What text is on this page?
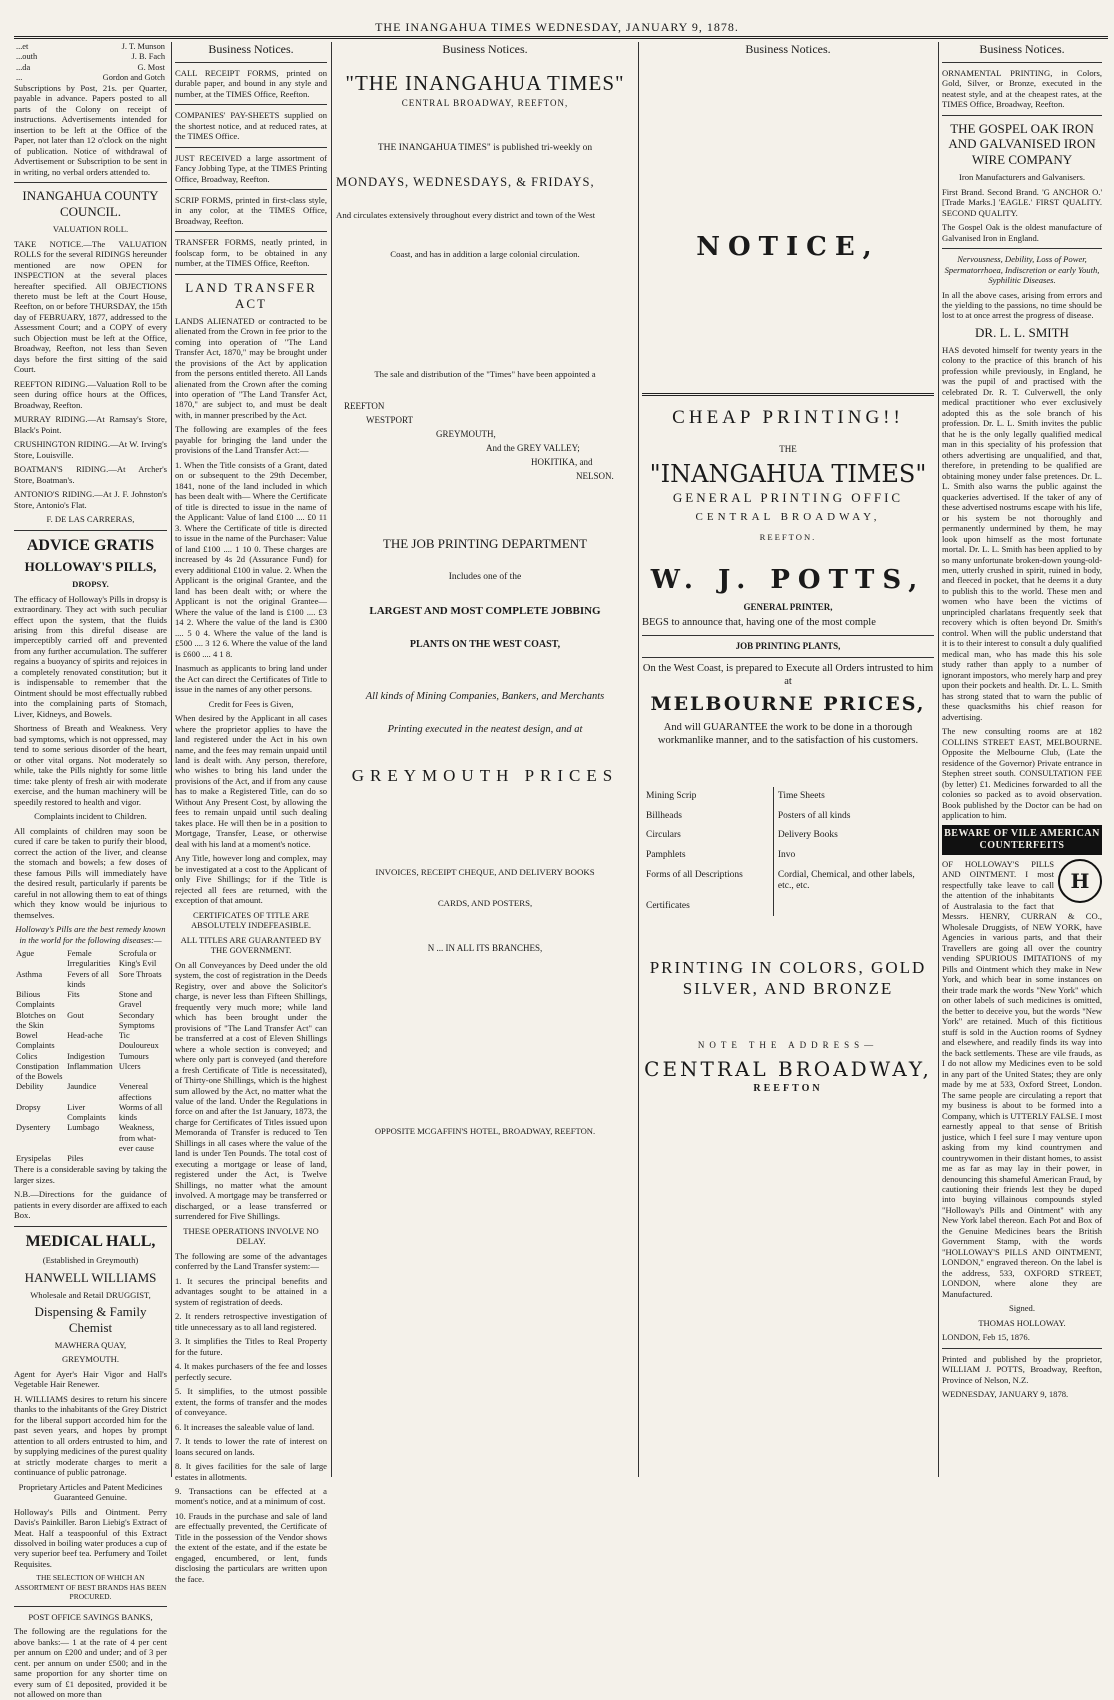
THE INANGAHUA TIMES WEDNESDAY, JANUARY 9, 1878.
...et	J. T. Munson
...outh	J. B. Fach
...da	G. Most
...	Gordon and Gotch

Subscriptions by Post, 21s. per Quarter, payable in advance. Papers posted to all parts of the Colony on receipt of instructions. Advertisements intended for insertion to be left at the Office of the Paper, not later than 12 o'clock on the night of publication. Notice of withdrawal of Advertisement or Subscription to be sent in in writing, no verbal orders attended to.

INANGAHUA COUNTY COUNCIL.

VALUATION ROLL.

TAKE NOTICE.—The VALUATION ROLLS for the several RIDINGS hereunder mentioned are now OPEN for INSPECTION at the several places hereafter specified. All OBJECTIONS thereto must be left at the Court House, Reefton, on or before THURSDAY, the 15th day of FEBRUARY, 1877, addressed to the Assessment Court; and a COPY of every such Objection must be left at the Office, Broadway, Reefton, not less than Seven days before the first sitting of the said Court.

REEFTON RIDING.—Valuation Roll to be seen during office hours at the Offices, Broadway, Reefton.

MURRAY RIDING.—At Ramsay's Store, Black's Point.

CRUSHINGTON RIDING.—At W. Irving's Store, Louisville.

BOATMAN'S RIDING.—At Archer's Store, Boatman's.

ANTONIO'S RIDING.—At J. F. Johnston's Store, Antonio's Flat.

F. DE LAS CARRERAS,

ADVICE GRATIS

HOLLOWAY'S PILLS,

DROPSY.

The efficacy of Holloway's Pills in dropsy is extraordinary. They act with such peculiar effect upon the system, that the fluids arising from this direful disease are imperceptibly carried off and prevented from any further accumulation. The sufferer regains a buoyancy of spirits and rejoices in a completely renovated constitution; but it is indispensable to remember that the Ointment should be most effectually rubbed into the complaining parts of Stomach, Liver, Kidneys, and Bowels.

Shortness of Breath and Weakness. Very bad symptoms, which is not oppressed, may tend to some serious disorder of the heart, or other vital organs. Not moderately so while, take the Pills nightly for some little time: take plenty of fresh air with moderate exercise, and the human machinery will be speedily restored to health and vigor.

Complaints incident to Children.

All complaints of children may soon be cured if care be taken to purify their blood, correct the action of the liver, and cleanse the stomach and bowels; a few doses of these famous Pills will immediately have the desired result, particularly if parents be careful in not allowing them to eat of things which they know would be injurious to themselves.

Holloway's Pills are the best remedy known in the world for the following diseases:—

Ague	Female Irregularities	Scrofula or King's Evil
Asthma	Fevers of all kinds	Sore Throats
Bilious Complaints	Fits	Stone and Gravel
Blotches on the Skin	Gout	Secondary Symptoms
Bowel Complaints	Head-ache	Tic Douloureux
Colics	Indigestion	Tumours
Constipation of the Bowels	Inflammation	Ulcers
Debility	Jaundice	Venereal affections
Dropsy	Liver Complaints	Worms of all kinds
Dysentery	Lumbago	Weakness, from what-ever cause
Erysipelas	Piles	

There is a considerable saving by taking the larger sizes.

N.B.—Directions for the guidance of patients in every disorder are affixed to each Box.

MEDICAL HALL,

(Established in Greymouth)

HANWELL WILLIAMS

Wholesale and Retail DRUGGIST,

Dispensing & Family Chemist

MAWHERA QUAY,

GREYMOUTH.

Agent for Ayer's Hair Vigor and Hall's Vegetable Hair Renewer.

H. WILLIAMS desires to return his sincere thanks to the inhabitants of the Grey District for the liberal support accorded him for the past seven years, and hopes by prompt attention to all orders entrusted to him, and by supplying medicines of the purest quality at strictly moderate charges to merit a continuance of public patronage.

Proprietary Articles and Patent Medicines Guaranteed Genuine.

Holloway's Pills and Ointment. Perry Davis's Painkiller. Baron Liebig's Extract of Meat. Half a teaspoonful of this Extract dissolved in boiling water produces a cup of very superior beef tea. Perfumery and Toilet Requisites.

THE SELECTION OF WHICH AN ASSORTMENT OF BEST BRANDS HAS BEEN PROCURED.

POST OFFICE SAVINGS BANKS,

The following are the regulations for the above banks:— 1 at the rate of 4 per cent per annum on £200 and under; and of 3 per cent. per annum on under £500; and in the same proportion for any shorter time on every sum of £1 deposited, provided it be not allowed on more than

Business Notices.

CALL RECEIPT FORMS, printed on durable paper, and bound in any style and number, at the TIMES Office, Reefton.

COMPANIES' PAY-SHEETS supplied on the shortest notice, and at reduced rates, at the TIMES Office.

JUST RECEIVED a large assortment of Fancy Jobbing Type, at the TIMES Printing Office, Broadway, Reefton.

SCRIP FORMS, printed in first-class style, in any color, at the TIMES Office, Broadway, Reefton.

TRANSFER FORMS, neatly printed, in foolscap form, to be obtained in any number, at the TIMES Office, Reefton.

LAND TRANSFER ACT

LANDS ALIENATED or contracted to be alienated from the Crown in fee prior to the coming into operation of "The Land Transfer Act, 1870," may be brought under the provisions of the Act by application from the persons entitled thereto. All Lands alienated from the Crown after the coming into operation of "The Land Transfer Act, 1870," are subject to, and must be dealt with, in manner prescribed by the Act.

The following are examples of the fees payable for bringing the land under the provisions of the Land Transfer Act:—

1. When the Title consists of a Grant, dated on or subsequent to the 29th December, 1841, none of the land included in which has been dealt with— Where the Certificate of title is directed to issue in the name of the Applicant: Value of land £100 .... £0 11 3. Where the Certificate of title is directed to issue in the name of the Purchaser: Value of land £100 .... 1 10 0. These charges are increased by 4s 2d (Assurance Fund) for every additional £100 in value. 2. When the Applicant is the original Grantee, and the land has been dealt with; or where the Applicant is not the original Grantee— Where the value of the land is £100 .... £3 14 2. Where the value of the land is £300 .... 5 0 4. Where the value of the land is £500 .... 3 12 6. Where the value of the land is £600 .... 4 1 8.

Inasmuch as applicants to bring land under the Act can direct the Certificates of Title to issue in the names of any other persons.

Credit for Fees is Given,

When desired by the Applicant in all cases where the proprietor applies to have the land registered under the Act in his own name, and the fees may remain unpaid until land is dealt with. Any person, therefore, who wishes to bring his land under the provisions of the Act, and if from any cause has to make a Registered Title, can do so Without Any Present Cost, by allowing the fees to remain unpaid until such dealing takes place. He will then be in a position to Mortgage, Transfer, Lease, or otherwise deal with his land at a moment's notice.

Any Title, however long and complex, may be investigated at a cost to the Applicant of only Five Shillings; for if the Title is rejected all fees are returned, with the exception of that amount.

CERTIFICATES OF TITLE ARE ABSOLUTELY INDEFEASIBLE.

ALL TITLES ARE GUARANTEED BY THE GOVERNMENT.

On all Conveyances by Deed under the old system, the cost of registration in the Deeds Registry, over and above the Solicitor's charge, is never less than Fifteen Shillings, frequently very much more; while land which has been brought under the provisions of "The Land Transfer Act" can be transferred at a cost of Eleven Shillings where a whole section is conveyed; and where only part is conveyed (and therefore a fresh Certificate of Title is necessitated), of Thirty-one Shillings, which is the highest sum allowed by the Act, no matter what the value of the land. Under the Regulations in force on and after the 1st January, 1873, the charge for Certificates of Titles issued upon Memoranda of Transfer is reduced to Ten Shillings in all cases where the value of the land is under Ten Pounds. The total cost of executing a mortgage or lease of land, registered under the Act, is Twelve Shillings, no matter what the amount involved. A mortgage may be transferred or discharged, or a lease transferred or surrendered for Five Shillings.

THESE OPERATIONS INVOLVE NO DELAY.

The following are some of the advantages conferred by the Land Transfer system:—

1. It secures the principal benefits and advantages sought to be attained in a system of registration of deeds.

2. It renders retrospective investigation of title unnecessary as to all land registered.

3. It simplifies the Titles to Real Property for the future.

4. It makes purchasers of the fee and losses perfectly secure.

5. It simplifies, to the utmost possible extent, the forms of transfer and the modes of conveyance.

6. It increases the saleable value of land.

7. It tends to lower the rate of interest on loans secured on lands.

8. It gives facilities for the sale of large estates in allotments.

9. Transactions can be effected at a moment's notice, and at a minimum of cost.

10. Frauds in the purchase and sale of land are effectually prevented, the Certificate of Title in the possession of the Vendor shows the extent of the estate, and if the estate be engaged, encumbered, or lent, funds disclosing the particulars are written upon the face.

Business Notices.
"THE INANGAHUA TIMES"
CENTRAL BROADWAY, REEFTON,
THE INANGAHUA TIMES" is published tri-weekly on
MONDAYS, WEDNESDAYS, & FRIDAYS,
And circulates extensively throughout every district and town of the West
Coast, and has in addition a large colonial circulation.
The sale and distribution of the "Times" have been appointed a
REEFTON
WESTPORT
GREYMOUTH,
And the GREY VALLEY;
HOKITIKA, and
NELSON.
THE JOB PRINTING DEPARTMENT
Includes one of the
LARGEST AND MOST COMPLETE JOBBING
PLANTS ON THE WEST COAST,
All kinds of Mining Companies, Bankers, and Merchants
Printing executed in the neatest design, and at
GREYMOUTH PRICES
INVOICES, RECEIPT CHEQUE, AND DELIVERY BOOKS
CARDS, AND POSTERS,
N ... IN ALL ITS BRANCHES,
OPPOSITE MCGAFFIN'S HOTEL, BROADWAY, REEFTON.
Business Notices.
NOTICE,
CHEAP PRINTING!!
THE
"INANGAHUA TIMES"
GENERAL PRINTING OFFIC
CENTRAL BROADWAY,
REEFTON.
W. J. POTTS,
GENERAL PRINTER,
BEGS to announce that, having one of the most comple
JOB PRINTING PLANTS,
On the West Coast, is prepared to Execute all Orders intrusted to him at
MELBOURNE PRICES,
And will GUARANTEE the work to be done in a thorough workmanlike manner, and to the satisfaction of his customers.
Mining Scrip	Time Sheets
Billheads	Posters of all kinds
Circulars	Delivery Books
Pamphlets	Invo
Forms of all Descriptions	Cordial, Chemical, and other labels, etc., etc.
Certificates	
PRINTING IN COLORS, GOLD SILVER, AND BRONZE
NOTE THE ADDRESS—
CENTRAL BROADWAY,
REEFTON
Business Notices.

ORNAMENTAL PRINTING, in Colors, Gold, Silver, or Bronze, executed in the neatest style, and at the cheapest rates, at the TIMES Office, Broadway, Reefton.

THE GOSPEL OAK IRON AND GALVANISED IRON WIRE COMPANY

Iron Manufacturers and Galvanisers.

First Brand. Second Brand. 'G ANCHOR O.' [Trade Marks.] 'EAGLE.' FIRST QUALITY. SECOND QUALITY.

The Gospel Oak is the oldest manufacture of Galvanised Iron in England.

Nervousness, Debility, Loss of Power, Spermatorrhoea, Indiscretion or early Youth, Syphilitic Diseases.

In all the above cases, arising from errors and the yielding to the passions, no time should be lost to at once arrest the progress of disease.

DR. L. L. SMITH

HAS devoted himself for twenty years in the colony to the practice of this branch of his profession while previously, in England, he was the pupil of and practised with the celebrated Dr. R. T. Culverwell, the only medical practitioner who ever exclusively adopted this as the sole branch of his profession. Dr. L. L. Smith invites the public that he is the only legally qualified medical man in this speciality of his profession that others advertising are unqualified, and that, therefore, in pretending to be qualified are obtaining money under false pretences. Dr. L. L. Smith also warns the public against the quackeries advertised. If the taker of any of these advertised nostrums escape with his life, or his system be not thoroughly and permanently undermined by them, he may look upon himself as the most fortunate mortal. Dr. L. L. Smith has been applied to by so many unfortunate broken-down young-old-men, utterly crushed in spirit, ruined in body, and fleeced in pocket, that he deems it a duty to publish this to the world. These men and women who have been the victims of unprincipled charlatans frequently seek that recovery which is often beyond Dr. Smith's control. When will the public understand that it is to their interest to consult a duly qualified medical man, who has made this his sole study rather than apply to a number of ignorant impostors, who merely harp and prey upon their pockets and health. Dr. L. L. Smith has strong stated that to warn the public of these quacksmiths his chief reason for advertising.

The new consulting rooms are at 182 COLLINS STREET EAST, MELBOURNE. Opposite the Melbourne Club, (Late the residence of the Governor) Private entrance in Stephen street south. CONSULTATION FEE (by letter) £1. Medicines forwarded to all the colonies so packed as to avoid observation. Book published by the Doctor can be had on application to him.

BEWARE OF VILE AMERICAN COUNTERFEITS

H
OF HOLLOWAY'S PILLS AND OINTMENT. I most respectfully take leave to call the attention of the inhabitants of Australasia to the fact that Messrs. HENRY, CURRAN & CO., Wholesale Druggists, of NEW YORK, have Agencies in various parts, and that their Travellers are going all over the country vending SPURIOUS IMITATIONS of my Pills and Ointment which they make in New York, and which bear in some instances on their trade mark the words "New York" which on other labels of such medicines is omitted, the better to deceive you, but the words "New York" are retained. Much of this fictitious stuff is sold in the Auction rooms of Sydney and elsewhere, and readily finds its way into the back settlements. These are vile frauds, as I do not allow my Medicines even to be sold in any part of the United States; they are only made by me at 533, Oxford Street, London. The same people are circulating a report that my business is about to be formed into a Company, which is UTTERLY FALSE. I most earnestly appeal to that sense of British justice, which I feel sure I may venture upon asking from my kind countrymen and countrywomen in their distant homes, to assist me as far as may lay in their power, in denouncing this shameful American Fraud, by cautioning their friends lest they be duped into buying villainous compounds styled "Holloway's Pills and Ointment" with any New York label thereon. Each Pot and Box of the Genuine Medicines bears the British Government Stamp, with the words "HOLLOWAY'S PILLS AND OINTMENT, LONDON," engraved thereon. On the label is the address, 533, OXFORD STREET, LONDON, where alone they are Manufactured.

Signed.

THOMAS HOLLOWAY.

LONDON, Feb 15, 1876.

Printed and published by the proprietor, WILLIAM J. POTTS, Broadway, Reefton, Province of Nelson, N.Z.

WEDNESDAY, JANUARY 9, 1878.
